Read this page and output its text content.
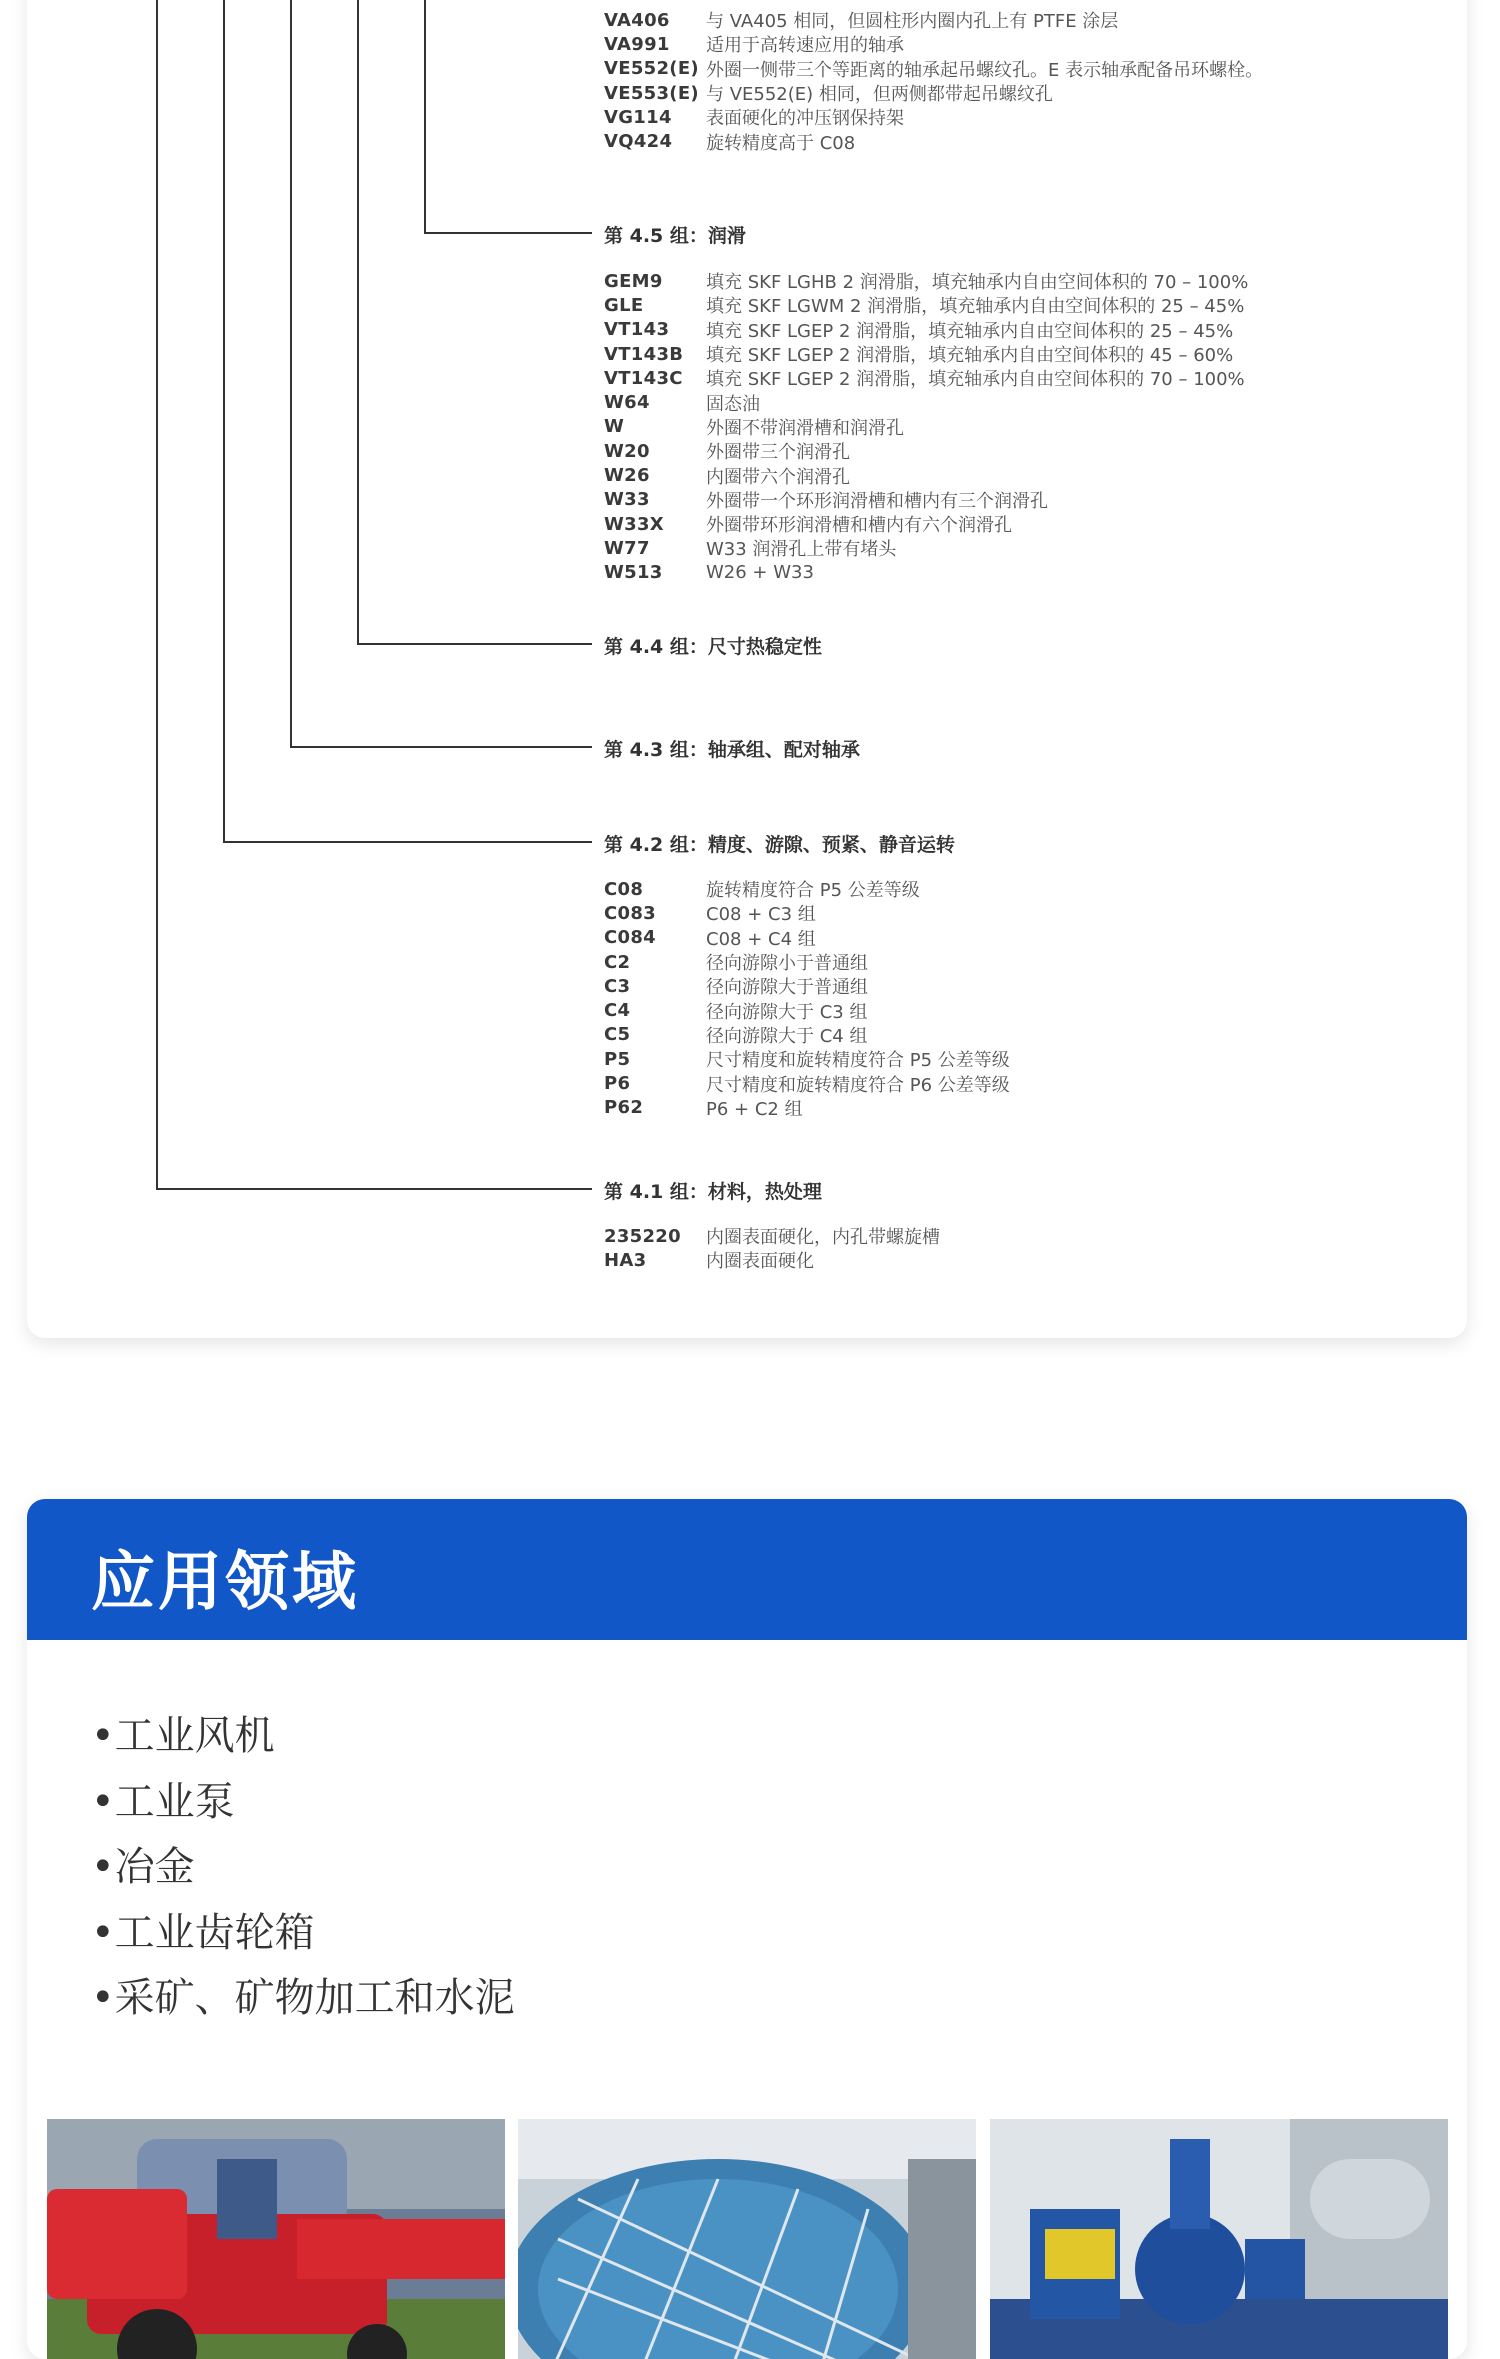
VA406	与 VA405 相同，但圆柱形内圈内孔上有 PTFE 涂层
VA991	适用于高转速应用的轴承
VE552(E) 外圈一侧带三个等距离的轴承起吊螺纹孔。E 表示轴承配备吊环螺栓。
VE553(E) 与 VE552(E) 相同，但两侧都带起吊螺纹孔
VG114	表面硬化的冲压钢保持架
VQ424	旋转精度高于 C08
第 4.5 组：润滑
GEM9	填充 SKF LGHB 2 润滑脂，填充轴承内自由空间体积的 70 – 100%
GLE	填充 SKF LGWM 2 润滑脂，填充轴承内自由空间体积的 25 – 45%
VT143	填充 SKF LGEP 2 润滑脂，填充轴承内自由空间体积的 25 – 45%
VT143B	填充 SKF LGEP 2 润滑脂，填充轴承内自由空间体积的 45 – 60%
VT143C	填充 SKF LGEP 2 润滑脂，填充轴承内自由空间体积的 70 – 100%
W64	固态油
W	外圈不带润滑槽和润滑孔
W20	外圈带三个润滑孔
W26	内圈带六个润滑孔
W33	外圈带一个环形润滑槽和槽内有三个润滑孔
W33X	外圈带环形润滑槽和槽内有六个润滑孔
W77	W33 润滑孔上带有堵头
W513	W26 + W33
第 4.4 组：尺寸热稳定性
第 4.3 组：轴承组、配对轴承
第 4.2 组：精度、游隙、预紧、静音运转
C08	旋转精度符合 P5 公差等级
C083	C08 + C3 组
C084	C08 + C4 组
C2	径向游隙小于普通组
C3	径向游隙大于普通组
C4	径向游隙大于 C3 组
C5	径向游隙大于 C4 组
P5	尺寸精度和旋转精度符合 P5 公差等级
P6	尺寸精度和旋转精度符合 P6 公差等级
P62	P6 + C2 组
第 4.1 组：材料，热处理
235220	内圈表面硬化，内孔带螺旋槽
HA3	内圈表面硬化
应用领域
•工业风机
•工业泵
•冶金
•工业齿轮箱
•采矿、矿物加工和水泥
